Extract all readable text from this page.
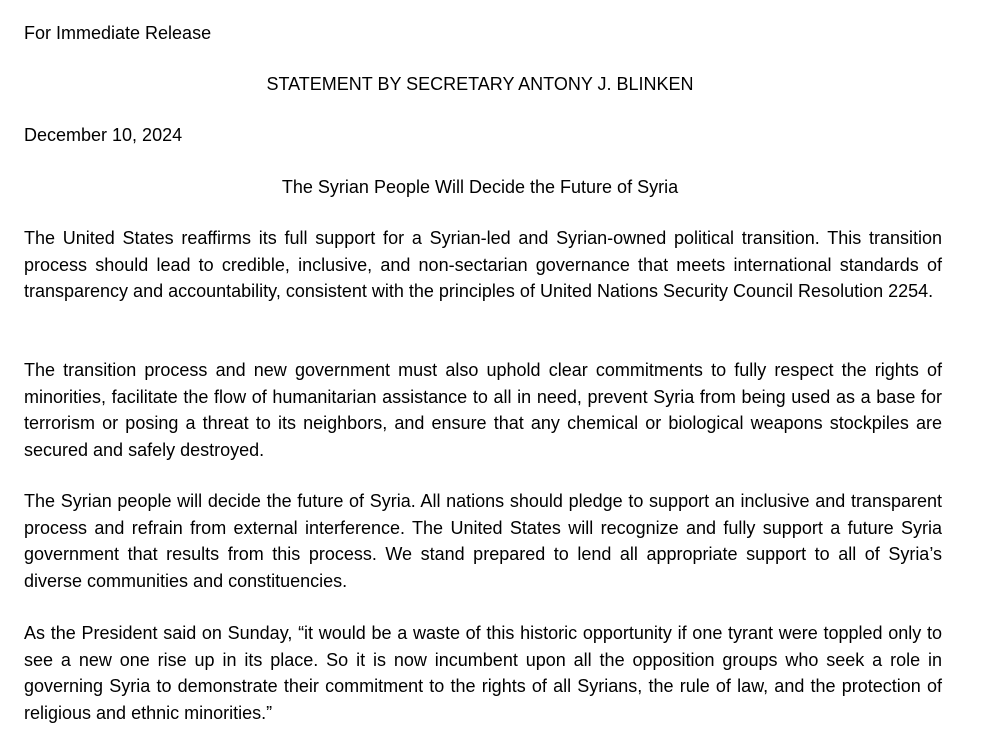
For Immediate Release
STATEMENT BY SECRETARY ANTONY J. BLINKEN
December 10, 2024
The Syrian People Will Decide the Future of Syria

The United States reaffirms its full support for a Syrian-led and Syrian-owned political transition. This transition process should lead to credible, inclusive, and non-sectarian governance that meets international standards of transparency and accountability, consistent with the principles of United Nations Security Council Resolution 2254.

The transition process and new government must also uphold clear commitments to fully respect the rights of minorities, facilitate the flow of humanitarian assistance to all in need, prevent Syria from being used as a base for terrorism or posing a threat to its neighbors, and ensure that any chemical or biological weapons stockpiles are secured and safely destroyed.

The Syrian people will decide the future of Syria. All nations should pledge to support an inclusive and transparent process and refrain from external interference. The United States will recognize and fully support a future Syria government that results from this process. We stand prepared to lend all appropriate support to all of Syria’s diverse communities and constituencies.

As the President said on Sunday, “it would be a waste of this historic opportunity if one tyrant were toppled only to see a new one rise up in its place. So it is now incumbent upon all the opposition groups who seek a role in governing Syria to demonstrate their commitment to the rights of all Syrians, the rule of law, and the protection of religious and ethnic minorities.”
